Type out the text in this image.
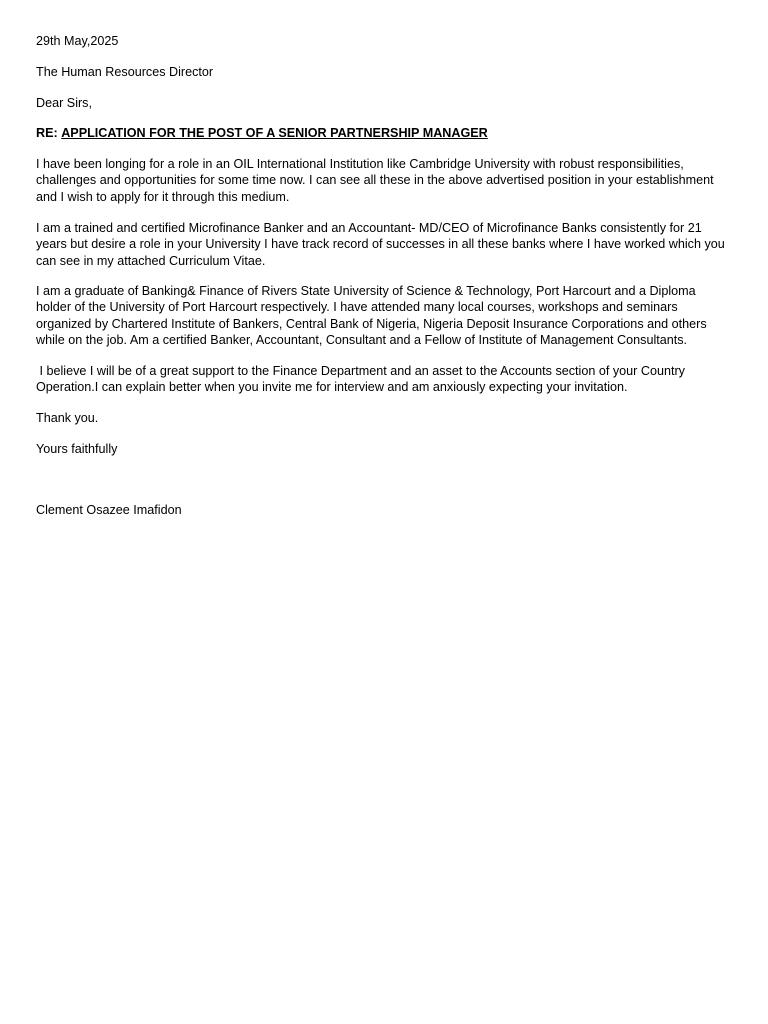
29th May,2025
The Human Resources Director
Dear Sirs,
RE: APPLICATION FOR THE POST OF A SENIOR PARTNERSHIP MANAGER
I have been longing for a role in an OIL International Institution like Cambridge University with robust responsibilities, challenges and opportunities for some time now. I can see all these in the above advertised position in your establishment and I wish to apply for it through this medium.
I am a trained and certified Microfinance Banker and an Accountant- MD/CEO of Microfinance Banks consistently for 21 years but desire a role in your University I have track record of successes in all these banks where I have worked which you can see in my attached Curriculum Vitae.
I am a graduate of Banking& Finance of Rivers State University of Science & Technology, Port Harcourt and a Diploma holder of the University of Port Harcourt respectively. I have attended many local courses, workshops and seminars organized by Chartered Institute of Bankers, Central Bank of Nigeria, Nigeria Deposit Insurance Corporations and others while on the job. Am a certified Banker, Accountant, Consultant and a Fellow of Institute of Management Consultants.
I believe I will be of a great support to the Finance Department and an asset to the Accounts section of your Country Operation.I can explain better when you invite me for interview and am anxiously expecting your invitation.
Thank you.
Yours faithfully
Clement Osazee Imafidon
